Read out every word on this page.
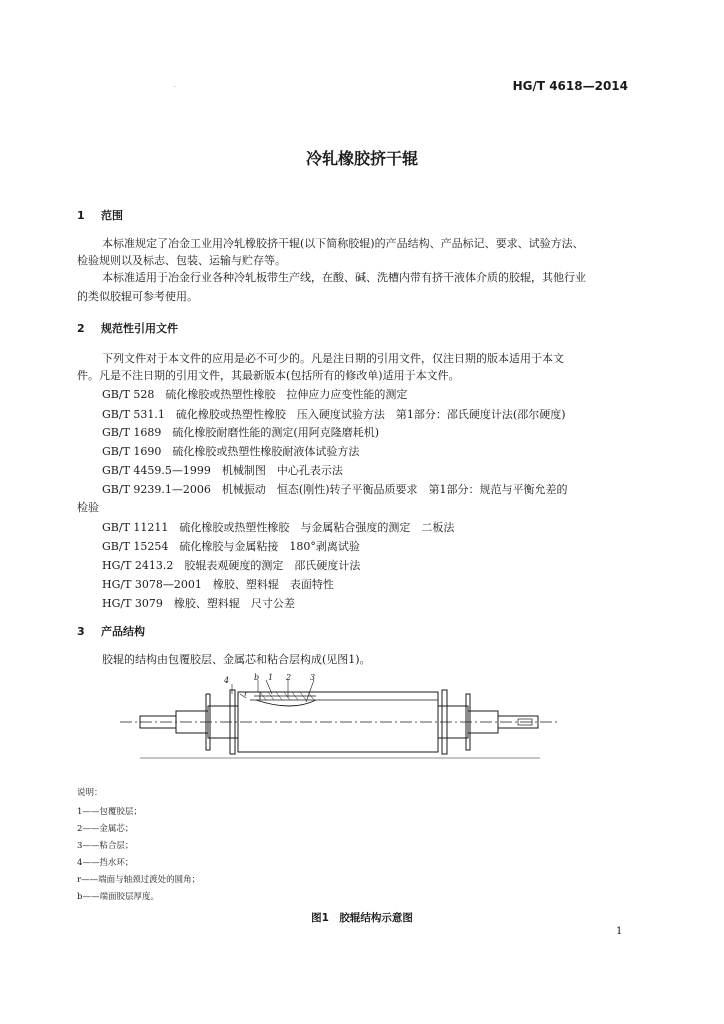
·	HG/T 4618—2014
冷轧橡胶挤干辊
1 范围
本标准规定了冶金工业用冷轧橡胶挤干辊(以下简称胶辊)的产品结构、产品标记、要求、试验方法、
检验规则以及标志、包装、运输与贮存等。
本标准适用于冶金行业各种冷轧板带生产线，在酸、碱、洗槽内带有挤干液体介质的胶辊，其他行业
的类似胶辊可参考使用。
2 规范性引用文件
下列文件对于本文件的应用是必不可少的。凡是注日期的引用文件，仅注日期的版本适用于本文
件。凡是不注日期的引用文件，其最新版本(包括所有的修改单)适用于本文件。
GB/T 528　 硫化橡胶或热塑性橡胶　拉伸应力应变性能的测定
GB/T 531.1　 硫化橡胶或热塑性橡胶　压入硬度试验方法　第1部分：邵氏硬度计法(邵尔硬度)
GB/T 1689　 硫化橡胶耐磨性能的测定(用阿克隆磨耗机)
GB/T 1690　 硫化橡胶或热塑性橡胶耐液体试验方法
GB/T 4459.5—1999　 机械制图　中心孔表示法
GB/T 9239.1—2006　 机械振动　恒态(刚性)转子平衡品质要求　第1部分：规范与平衡允差的
检验
GB/T 11211　 硫化橡胶或热塑性橡胶　与金属粘合强度的测定　二板法
GB/T 15254　 硫化橡胶与金属粘接　180°剥离试验
HG/T 2413.2　 胶辊表观硬度的测定　邵氏硬度计法
HG/T 3078—2001　 橡胶、塑料辊　表面特性
HG/T 3079　 橡胶、塑料辊　尺寸公差
3 产品结构
胶辊的结构由包覆胶层、金属芯和粘合层构成(见图1)。
4	b 1 2 3
r
说明：
1——包覆胶层；
2——金属芯；
3——粘合层；
4——挡水环；
r——端面与轴颈过渡处的圆角；
b——端面胶层厚度。
图1　胶辊结构示意图
1
